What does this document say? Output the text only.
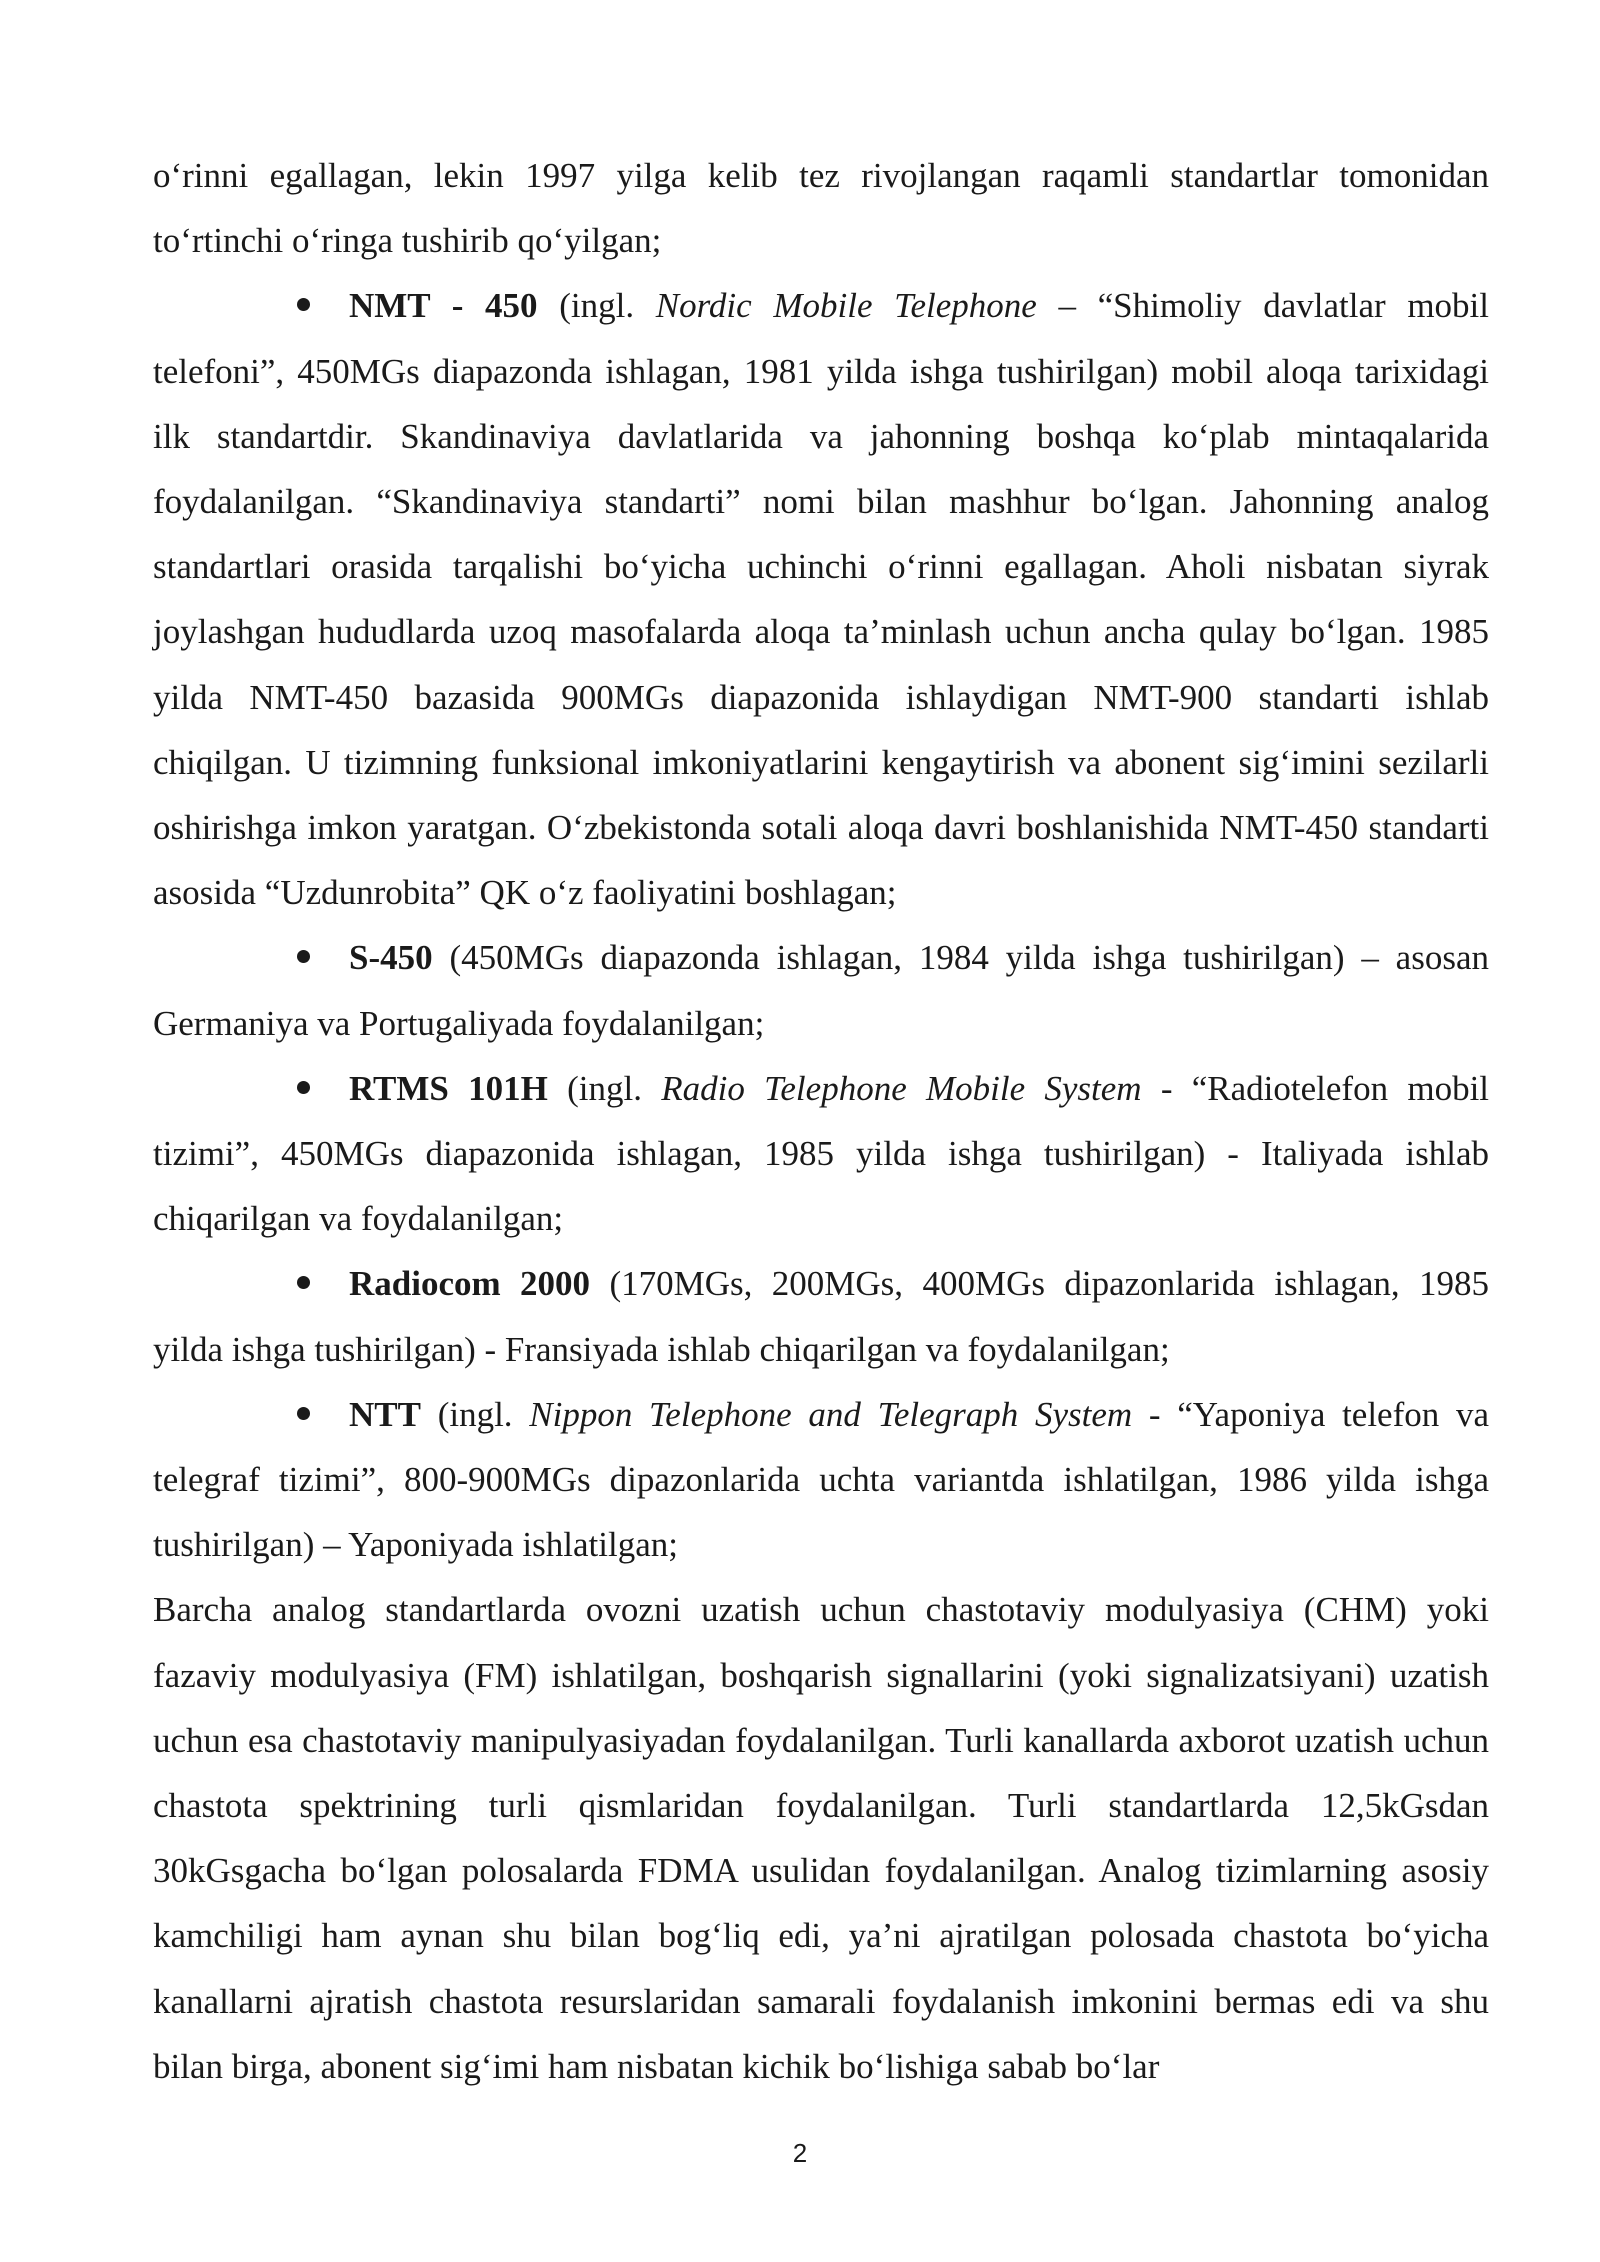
o‘rinni egallagan, lekin 1997 yilga kelib tez rivojlangan raqamli standartlar tomonidan to‘rtinchi o‘ringa tushirib qo‘yilgan;

NMT - 450 (ingl. Nordic Mobile Telephone – “Shimoliy davlatlar mobil telefoni”, 450MGs diapazonda ishlagan, 1981 yilda ishga tushirilgan) mobil aloqa tarixidagi ilk standartdir. Skandinaviya davlatlarida va jahonning boshqa ko‘plab mintaqalarida foydalanilgan. “Skandinaviya standarti” nomi bilan mashhur bo‘lgan. Jahonning analog standartlari orasida tarqalishi bo‘yicha uchinchi o‘rinni egallagan. Aholi nisbatan siyrak joylashgan hududlarda uzoq masofalarda aloqa ta’minlash uchun ancha qulay bo‘lgan. 1985 yilda NMT-450 bazasida 900MGs diapazonida ishlaydigan NMT-900 standarti ishlab chiqilgan. U tizimning funksional imkoniyatlarini kengaytirish va abonent sig‘imini sezilarli oshirishga imkon yaratgan. O‘zbekistonda sotali aloqa davri boshlanishida NMT-450 standarti asosida “Uzdunrobita” QK o‘z faoliyatini boshlagan;

S-450 (450MGs diapazonda ishlagan, 1984 yilda ishga tushirilgan) – asosan Germaniya va Portugaliyada foydalanilgan;

RTMS 101H (ingl. Radio Telephone Mobile System - “Radiotelefon mobil tizimi”, 450MGs diapazonida ishlagan, 1985 yilda ishga tushirilgan) - Italiyada ishlab chiqarilgan va foydalanilgan;

Radiocom 2000 (170MGs, 200MGs, 400MGs dipazonlarida ishlagan, 1985 yilda ishga tushirilgan) - Fransiyada ishlab chiqarilgan va foydalanilgan;

NTT (ingl. Nippon Telephone and Telegraph System - “Yaponiya telefon va telegraf tizimi”, 800-900MGs dipazonlarida uchta variantda ishlatilgan, 1986 yilda ishga tushirilgan) – Yaponiyada ishlatilgan;

Barcha analog standartlarda ovozni uzatish uchun chastotaviy modulyasiya (CHM) yoki fazaviy modulyasiya (FM) ishlatilgan, boshqarish signallarini (yoki signalizatsiyani) uzatish uchun esa chastotaviy manipulyasiyadan foydalanilgan. Turli kanallarda axborot uzatish uchun chastota spektrining turli qismlaridan foydalanilgan. Turli standartlarda 12,5kGsdan 30kGsgacha bo‘lgan polosalarda FDMA usulidan foydalanilgan. Analog tizimlarning asosiy kamchiligi ham aynan shu bilan bog‘liq edi, ya’ni ajratilgan polosada chastota bo‘yicha kanallarni ajratish chastota resurslaridan samarali foydalanish imkonini bermas edi va shu bilan birga, abonent sig‘imi ham nisbatan kichik bo‘lishiga sabab bo‘lar

2
